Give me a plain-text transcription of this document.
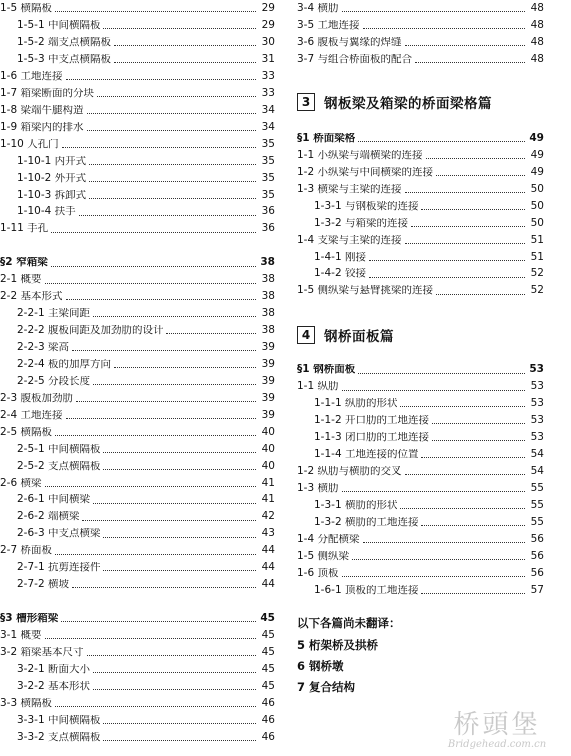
1-5 横隔板	29
1-5-1 中间横隔板	29
1-5-2 端支点横隔板	30
1-5-3 中支点横隔板	31
1-6 工地连接	33
1-7 箱梁断面的分块	33
1-8 梁端牛腿构造	34
1-9 箱梁内的排水	34
1-10 人孔门	35
1-10-1 内开式	35
1-10-2 外开式	35
1-10-3 拆卸式	35
1-10-4 扶手	36
1-11 手孔	36
§2 窄箱梁	38
2-1 概要	38
2-2 基本形式	38
2-2-1 主梁间距	38
2-2-2 腹板间距及加劲肋的设计	38
2-2-3 梁高	39
2-2-4 板的加厚方向	39
2-2-5 分段长度	39
2-3 腹板加劲肋	39
2-4 工地连接	39
2-5 横隔板	40
2-5-1 中间横隔板	40
2-5-2 支点横隔板	40
2-6 横梁	41
2-6-1 中间横梁	41
2-6-2 端横梁	42
2-6-3 中支点横梁	43
2-7 桥面板	44
2-7-1 抗剪连接件	44
2-7-2 横坡	44
§3 槽形箱梁	45
3-1 概要	45
3-2 箱梁基本尺寸	45
3-2-1 断面大小	45
3-2-2 基本形状	45
3-3 横隔板	46
3-3-1 中间横隔板	46
3-3-2 支点横隔板	46
3-4 横肋	48
3-5 工地连接	48
3-6 腹板与翼缘的焊缝	48
3-7 与组合桥面板的配合	48
3	钢板梁及箱梁的桥面梁格篇
§1 桥面梁格	49
1-1 小纵梁与端横梁的连接	49
1-2 小纵梁与中间横梁的连接	49
1-3 横梁与主梁的连接	50
1-3-1 与钢板梁的连接	50
1-3-2 与箱梁的连接	50
1-4 支梁与主梁的连接	51
1-4-1 刚接	51
1-4-2 铰接	52
1-5 侧纵梁与悬臂挑梁的连接	52
4	钢桥面板篇
§1 钢桥面板	53
1-1 纵肋	53
1-1-1 纵肋的形状	53
1-1-2 开口肋的工地连接	53
1-1-3 闭口肋的工地连接	53
1-1-4 工地连接的位置	54
1-2 纵肋与横肋的交叉	54
1-3 横肋	55
1-3-1 横肋的形状	55
1-3-2 横肋的工地连接	55
1-4 分配横梁	56
1-5 侧纵梁	56
1-6 顶板	56
1-6-1 顶板的工地连接	57
以下各篇尚未翻译：
5 桁架桥及拱桥
6 钢桥墩
7 复合结构
桥頭堡
Bridgehead.com.cn
